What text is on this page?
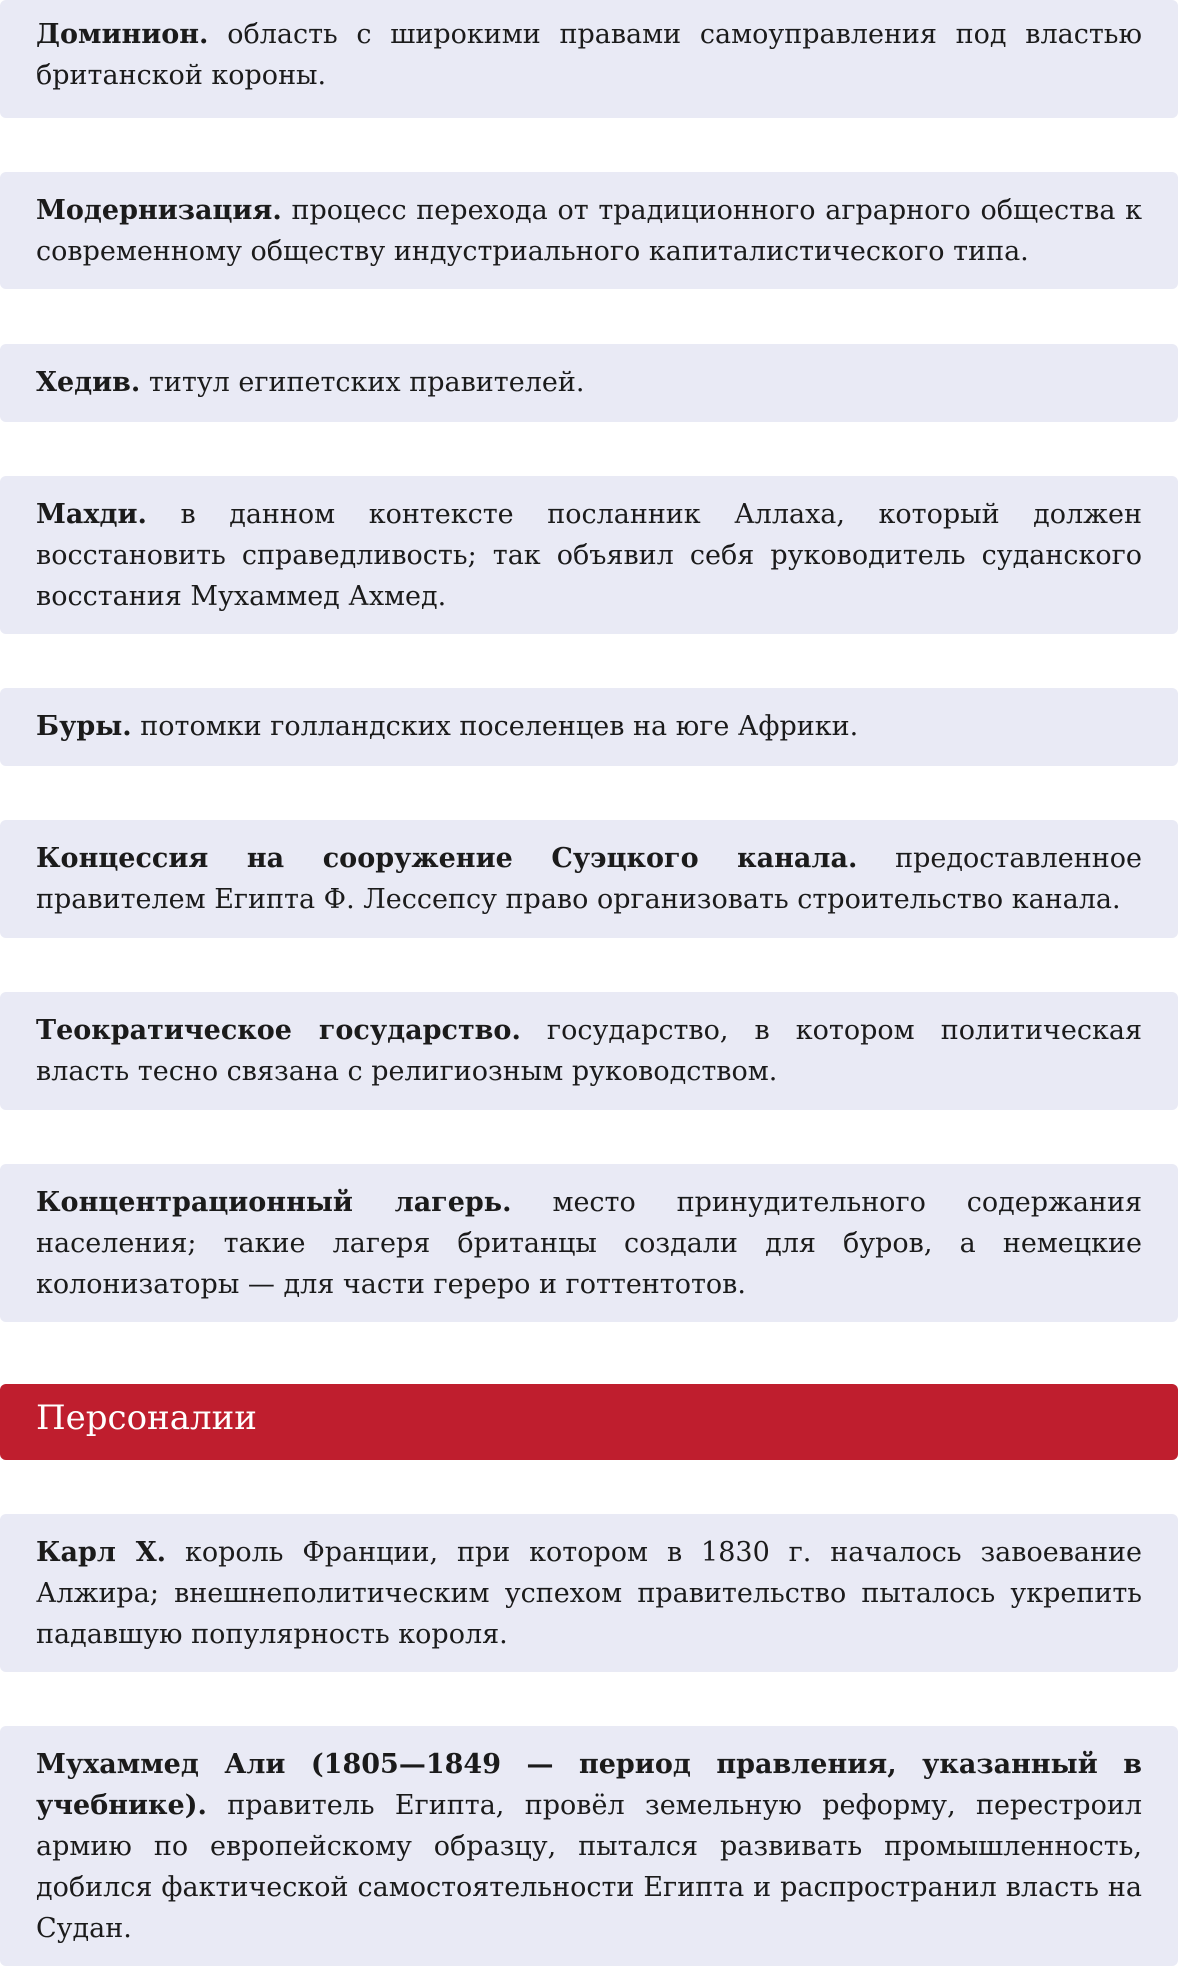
Доминион. область с широкими правами самоуправления под властью британской короны.
Модернизация. процесс перехода от традиционного аграрного общества к современному обществу индустриального капиталистического типа.
Хедив. титул египетских правителей.
Махди. в данном контексте посланник Аллаха, который должен восстановить справедливость; так объявил себя руководитель суданского восстания Мухаммед Ахмед.
Буры. потомки голландских поселенцев на юге Африки.
Концессия на сооружение Суэцкого канала. предоставленное правителем Египта Ф. Лессепсу право организовать строительство канала.
Теократическое государство. государство, в котором политическая власть тесно связана с религиозным руководством.
Концентрационный лагерь. место принудительного содержания населения; такие лагеря британцы создали для буров, а немецкие колонизаторы — для части гереро и готтентотов.
Персоналии
Карл X. король Франции, при котором в 1830 г. началось завоевание Алжира; внешнеполитическим успехом правительство пыталось укрепить падавшую популярность короля.
Мухаммед Али (1805—1849 — период правления, указанный в учебнике). правитель Египта, провёл земельную реформу, перестроил армию по европейскому образцу, пытался развивать промышленность, добился фактической самостоятельности Египта и распространил власть на Судан.
